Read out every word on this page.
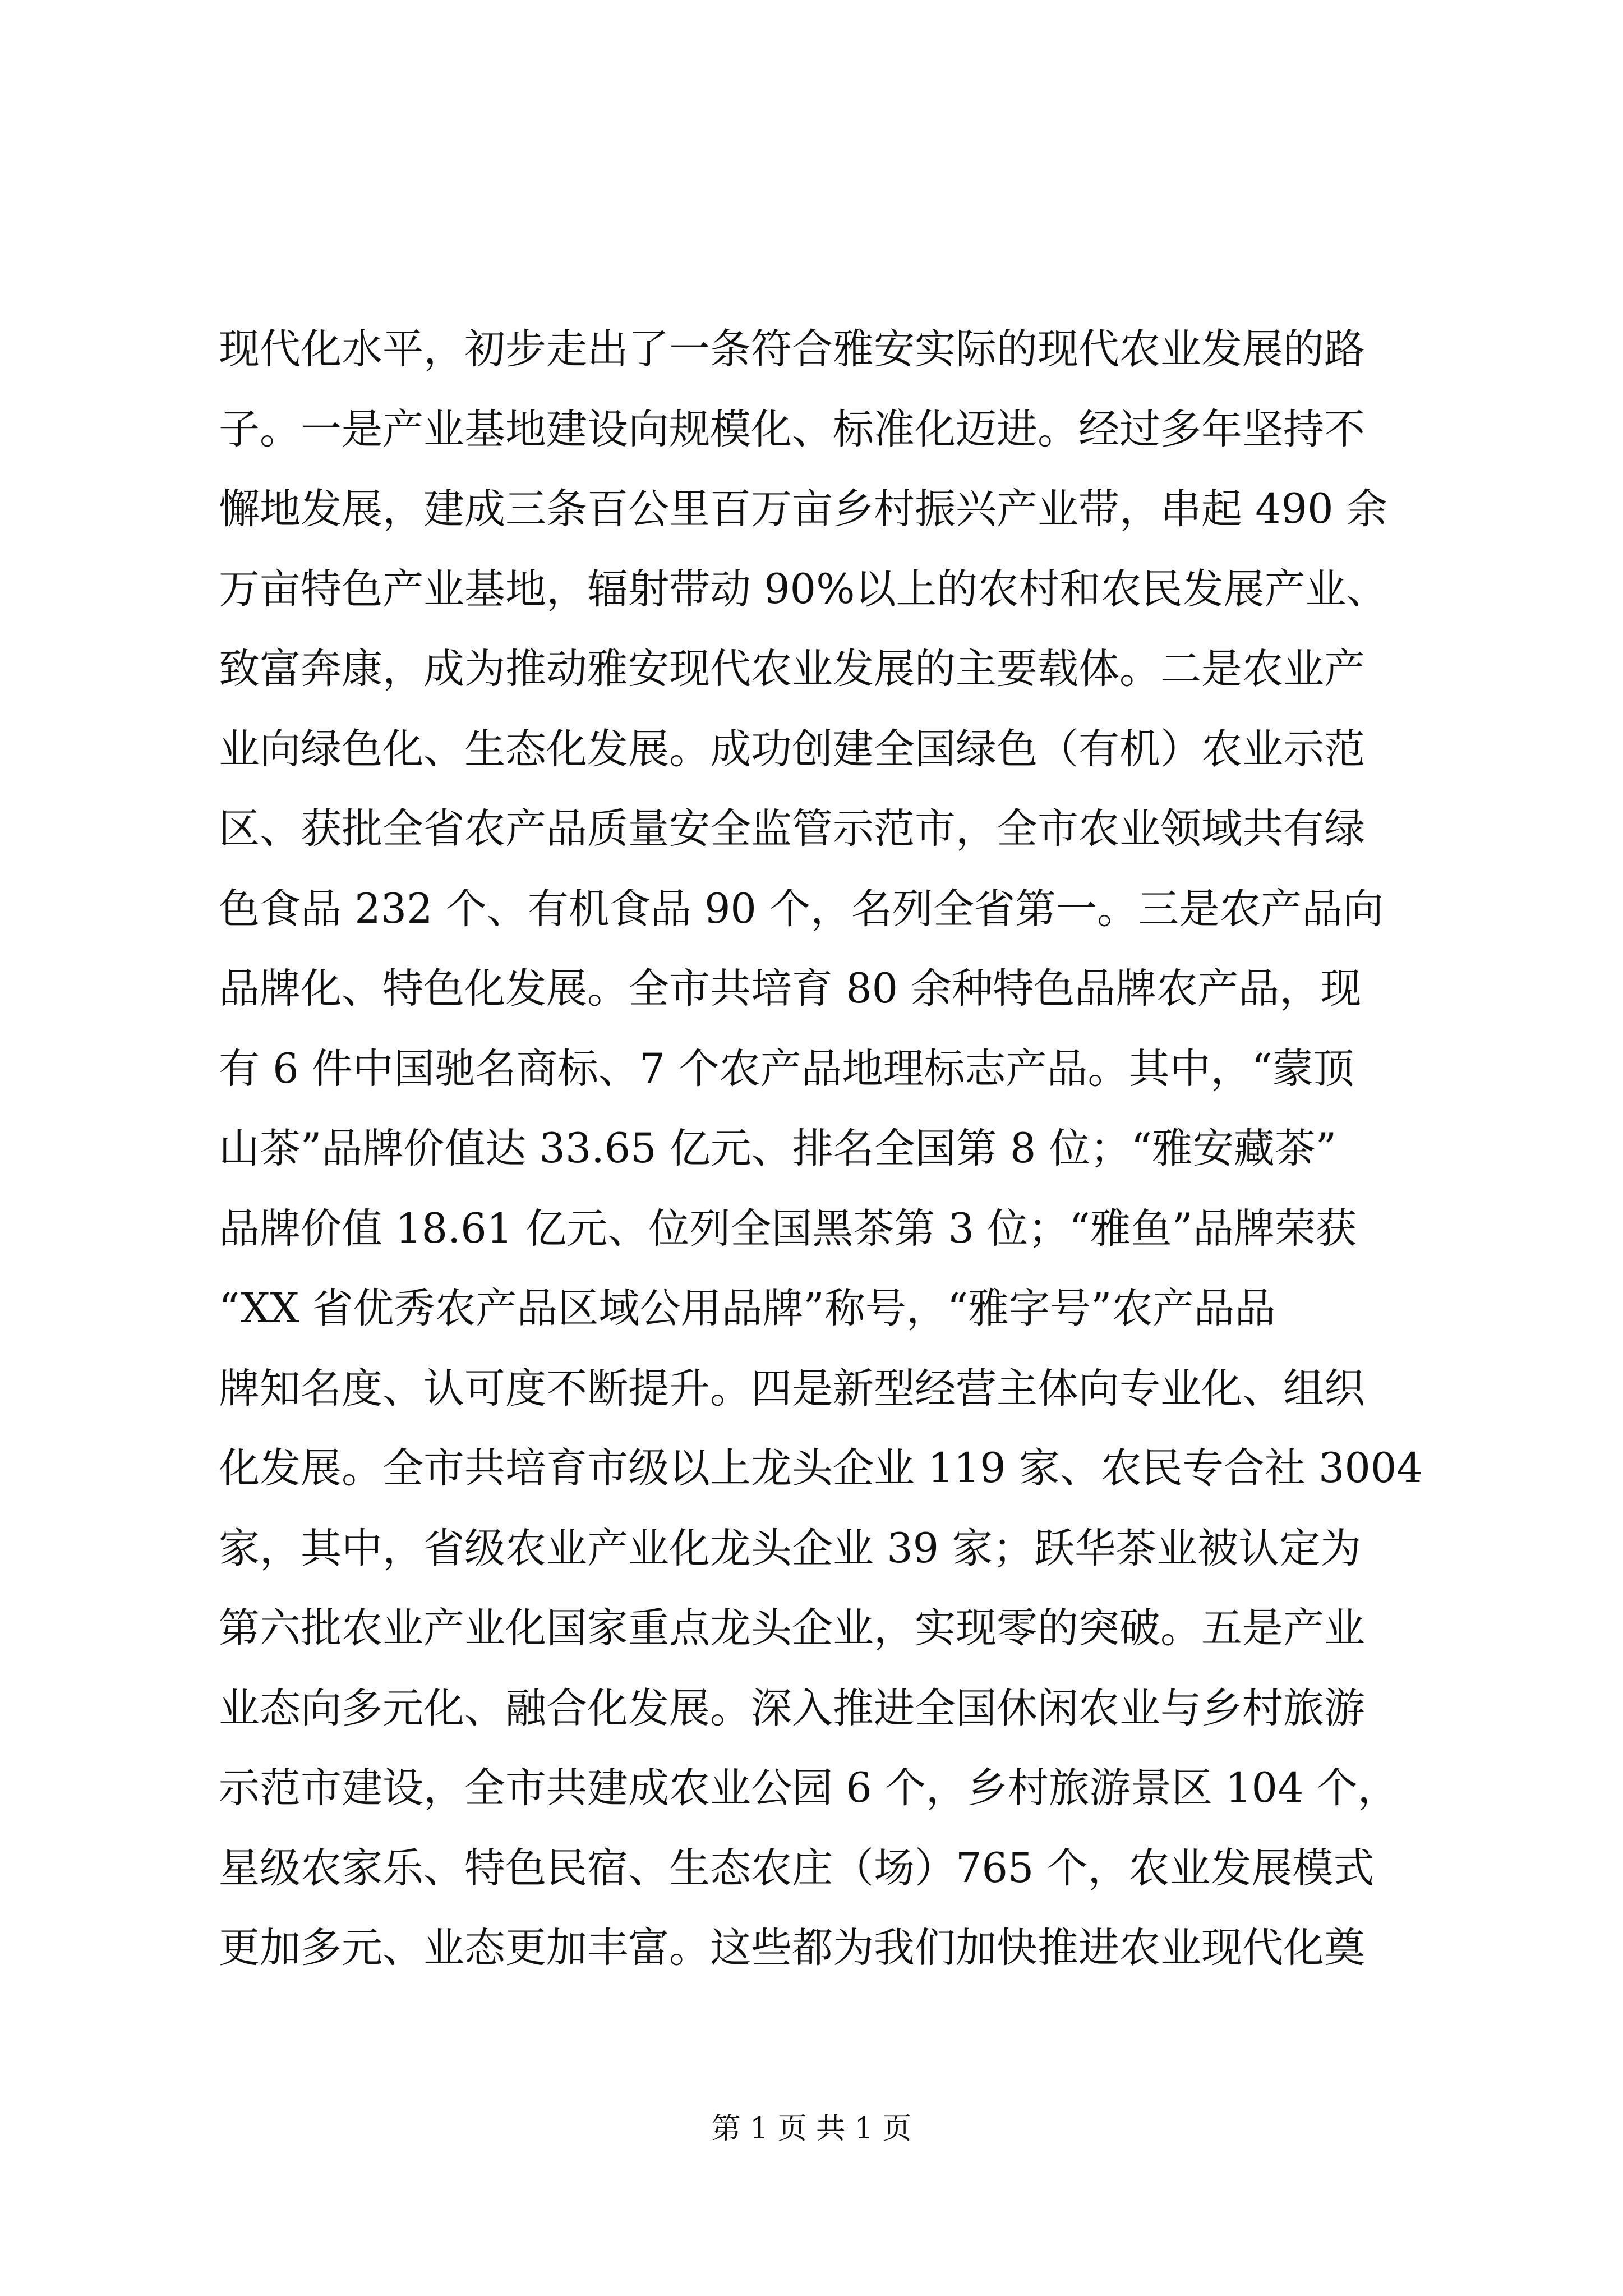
现代化水平，初步走出了一条符合雅安实际的现代农业发展的路
子。一是产业基地建设向规模化、标准化迈进。经过多年坚持不
懈地发展，建成三条百公里百万亩乡村振兴产业带，串起 490 余
万亩特色产业基地，辐射带动 90%以上的农村和农民发展产业、
致富奔康，成为推动雅安现代农业发展的主要载体。二是农业产
业向绿色化、生态化发展。成功创建全国绿色（有机）农业示范
区、获批全省农产品质量安全监管示范市，全市农业领域共有绿
色食品 232 个、有机食品 90 个，名列全省第一。三是农产品向
品牌化、特色化发展。全市共培育 80 余种特色品牌农产品，现
有 6 件中国驰名商标、7 个农产品地理标志产品。其中，“蒙顶
山茶”品牌价值达 33.65 亿元、排名全国第 8 位；“雅安藏茶”
品牌价值 18.61 亿元、位列全国黑茶第 3 位；“雅鱼”品牌荣获
“XX 省优秀农产品区域公用品牌”称号，“雅字号”农产品品
牌知名度、认可度不断提升。四是新型经营主体向专业化、组织
化发展。全市共培育市级以上龙头企业 119 家、农民专合社 3004
家，其中，省级农业产业化龙头企业 39 家；跃华茶业被认定为
第六批农业产业化国家重点龙头企业，实现零的突破。五是产业
业态向多元化、融合化发展。深入推进全国休闲农业与乡村旅游
示范市建设，全市共建成农业公园 6 个，乡村旅游景区 104 个，
星级农家乐、特色民宿、生态农庄（场）765 个，农业发展模式
更加多元、业态更加丰富。这些都为我们加快推进农业现代化奠
第 1 页 共 1 页
